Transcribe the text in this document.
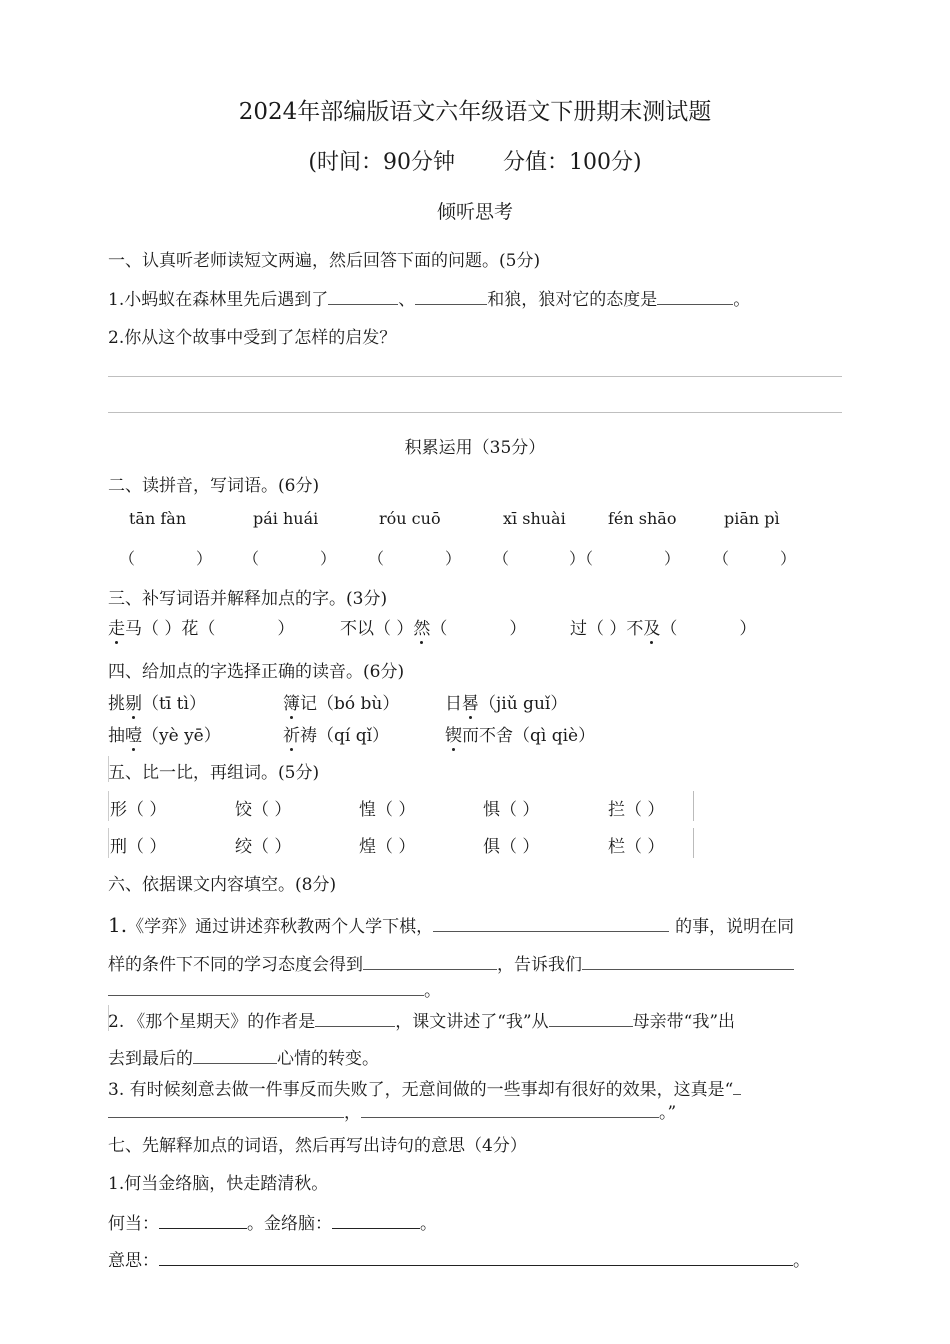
2024年部编版语文六年级语文下册期末测试题
(时间：90分钟 分值：100分)
倾听思考
一、认真听老师读短文两遍，然后回答下面的问题。(5分)
1.小蚂蚁在森林里先后遇到了	、	和狼，狼对它的态度是	。
2.你从这个故事中受到了怎样的启发？
积累运用（35分）
二、读拼音，写词语。(6分)
tān fàn	pái huái	róu cuō	xī shuài	fén shāo	piān pì
（	） （	） （	） （	）（	） （	）
三、补写词语并解释加点的字。(3分)
走马（ ）花（	）	不以（ ）然（	）	过（ ）不及（	）
四、给加点的字选择正确的读音。(6分)
挑剔（tī tì）	簿记（bó bù）	日晷（jiǔ guǐ）
抽噎（yè yē）	祈祷（qí qǐ）	锲而不舍（qì qiè）
五、比一比，再组词。(5分)
形（ ）	饺（ ）	惶（ ）	惧（ ）	拦（ ）
刑（ ）	绞（ ）	煌（ ）	俱（ ）	栏（ ）
六、依据课文内容填空。(8分)
1.《学弈》通过讲述弈秋教两个人学下棋，	的事，说明在同
样的条件下不同的学习态度会得到	，告诉我们
。
2. 《那个星期天》的作者是	，课文讲述了“我”从	母亲带“我”出
去到最后的	心情的转变。
3. 有时候刻意去做一件事反而失败了，无意间做的一些事却有很好的效果，这真是“
，	。”
七、先解释加点的词语，然后再写出诗句的意思（4分）
1.何当金络脑，快走踏清秋。
何当：	。金络脑：	。
意思：	。
